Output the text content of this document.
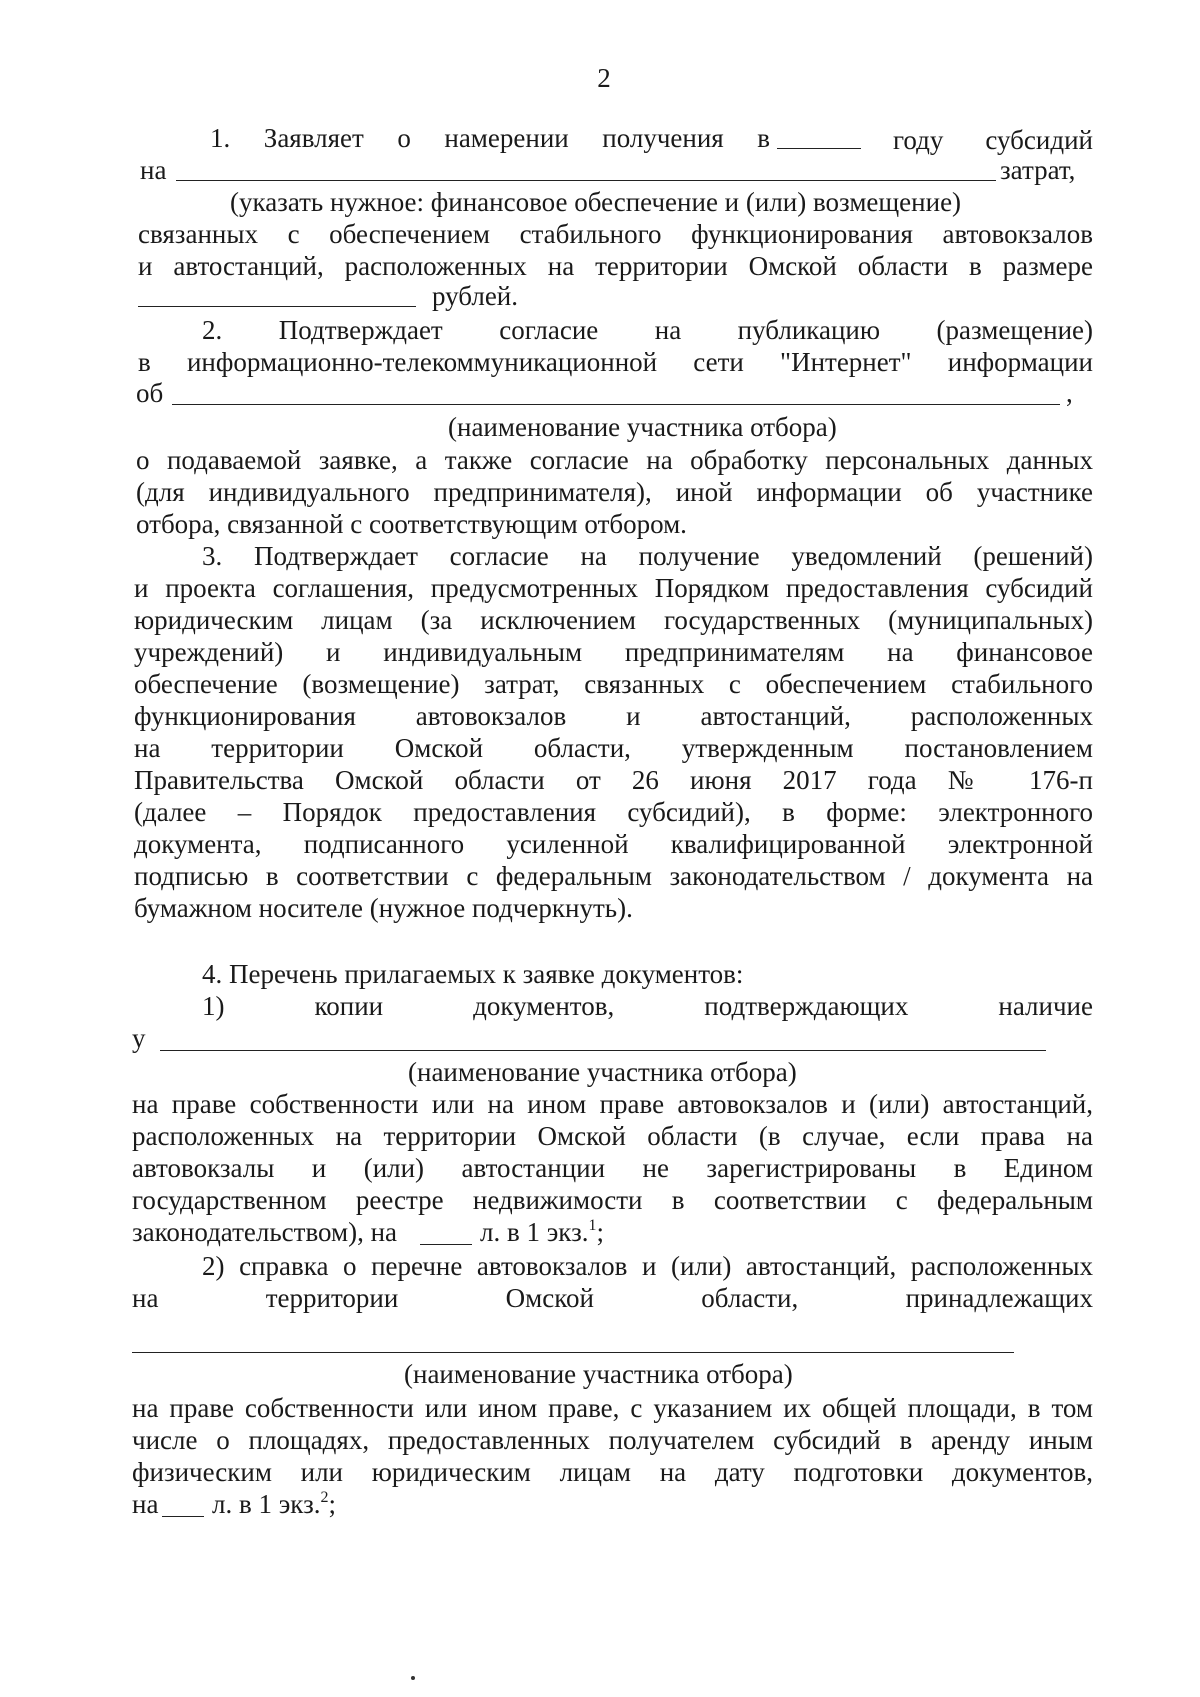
2
1. Заявляет о намерении получения в	году субсидий
на	затрат,
(указать нужное: финансовое обеспечение и (или) возмещение)
связанных с обеспечением стабильного функционирования автовокзалов
и автостанций, расположенных на территории Омской области в размере
рублей.
2. Подтверждает согласие на публикацию (размещение)
в информационно-телекоммуникационной сети "Интернет" информации
об	,
(наименование участника отбора)
о подаваемой заявке, а также согласие на обработку персональных данных
(для индивидуального предпринимателя), иной информации об участнике
отбора, связанной с соответствующим отбором.
3. Подтверждает согласие на получение уведомлений (решений)
и проекта соглашения, предусмотренных Порядком предоставления субсидий
юридическим лицам (за исключением государственных (муниципальных)
учреждений) и индивидуальным предпринимателям на финансовое
обеспечение (возмещение) затрат, связанных с обеспечением стабильного
функционирования автовокзалов и автостанций, расположенных
на территории Омской области, утвержденным постановлением
Правительства Омской области от 26 июня 2017 года № 176-п
(далее – Порядок предоставления субсидий), в форме: электронного
документа, подписанного усиленной квалифицированной электронной
подписью в соответствии с федеральным законодательством / документа на
бумажном носителе (нужное подчеркнуть).
4. Перечень прилагаемых к заявке документов:
1) копии документов, подтверждающих наличие
у
(наименование участника отбора)
на праве собственности или на ином праве автовокзалов и (или) автостанций,
расположенных на территории Омской области (в случае, если права на
автовокзалы и (или) автостанции не зарегистрированы в Едином
государственном реестре недвижимости в соответствии с федеральным
законодательством), на	л. в 1 экз.$^1$;
2) справка о перечне автовокзалов и (или) автостанций, расположенных
на территории Омской области, принадлежащих
(наименование участника отбора)
на праве собственности или ином праве, с указанием их общей площади, в том
числе о площадях, предоставленных получателем субсидий в аренду иным
физическим или юридическим лицам на дату подготовки документов,
на л. в 1 экз.$^2$;
